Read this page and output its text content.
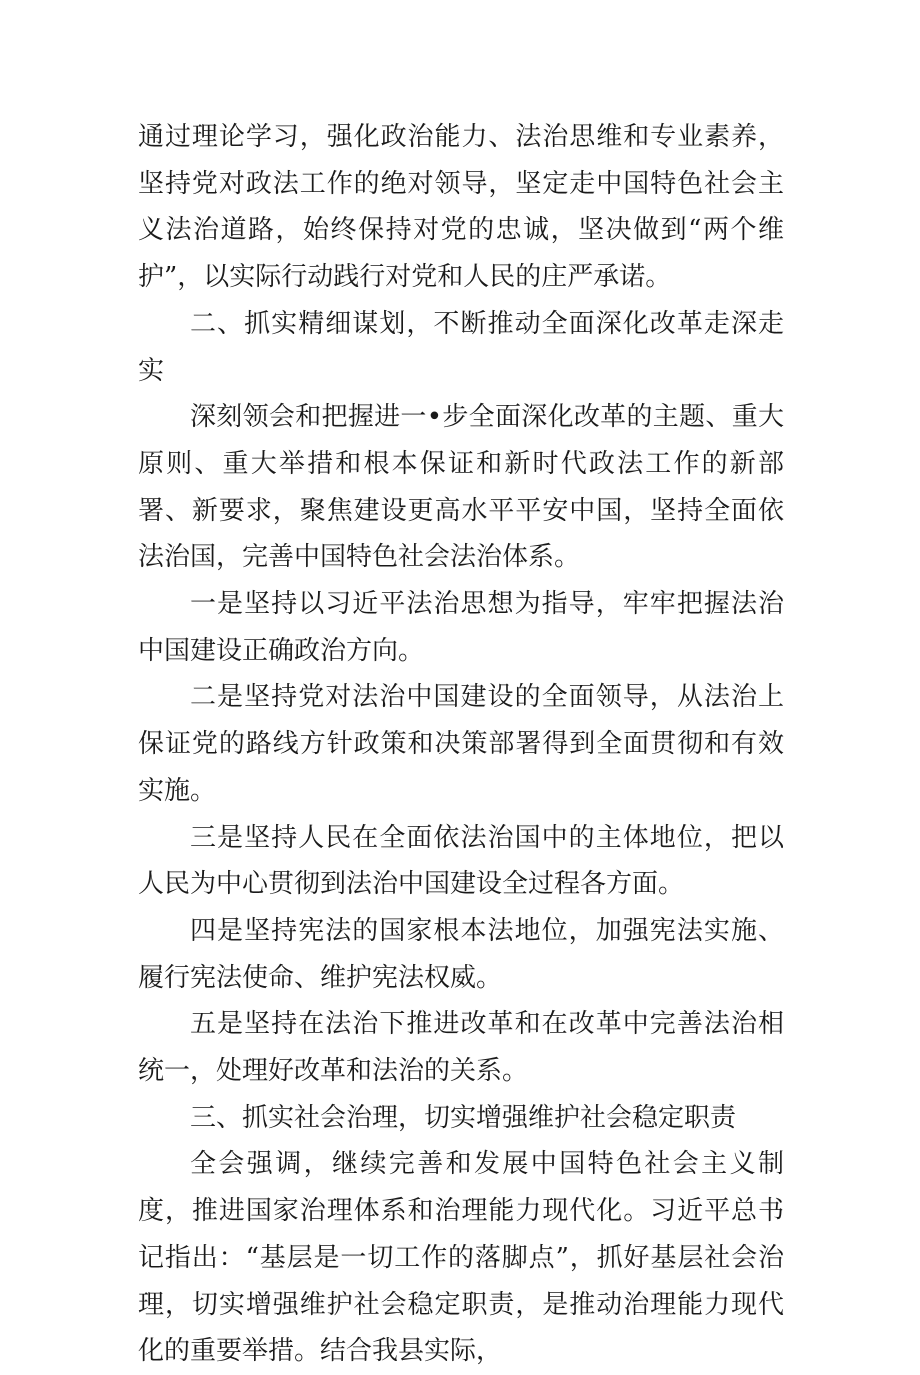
通过理论学习，强化政治能力、法治思维和专业素养，坚持党对政法工作的绝对领导，坚定走中国特色社会主义法治道路，始终保持对党的忠诚，坚决做到“两个维护”，以实际行动践行对党和人民的庄严承诺。

二、抓实精细谋划，不断推动全面深化改革走深走实

深刻领会和把握进一•步全面深化改革的主题、重大原则、重大举措和根本保证和新时代政法工作的新部署、新要求，聚焦建设更高水平平安中国，坚持全面依法治国，完善中国特色社会法治体系。

一是坚持以习近平法治思想为指导，牢牢把握法治中国建设正确政治方向。

二是坚持党对法治中国建设的全面领导，从法治上保证党的路线方针政策和决策部署得到全面贯彻和有效实施。

三是坚持人民在全面依法治国中的主体地位，把以人民为中心贯彻到法治中国建设全过程各方面。

四是坚持宪法的国家根本法地位，加强宪法实施、履行宪法使命、维护宪法权威。

五是坚持在法治下推进改革和在改革中完善法治相统一，处理好改革和法治的关系。

三、抓实社会治理，切实增强维护社会稳定职责

全会强调，继续完善和发展中国特色社会主义制度，推进国家治理体系和治理能力现代化。习近平总书记指出：“基层是一切工作的落脚点”，抓好基层社会治理，切实增强维护社会稳定职责，是推动治理能力现代化的重要举措。结合我县实际，
